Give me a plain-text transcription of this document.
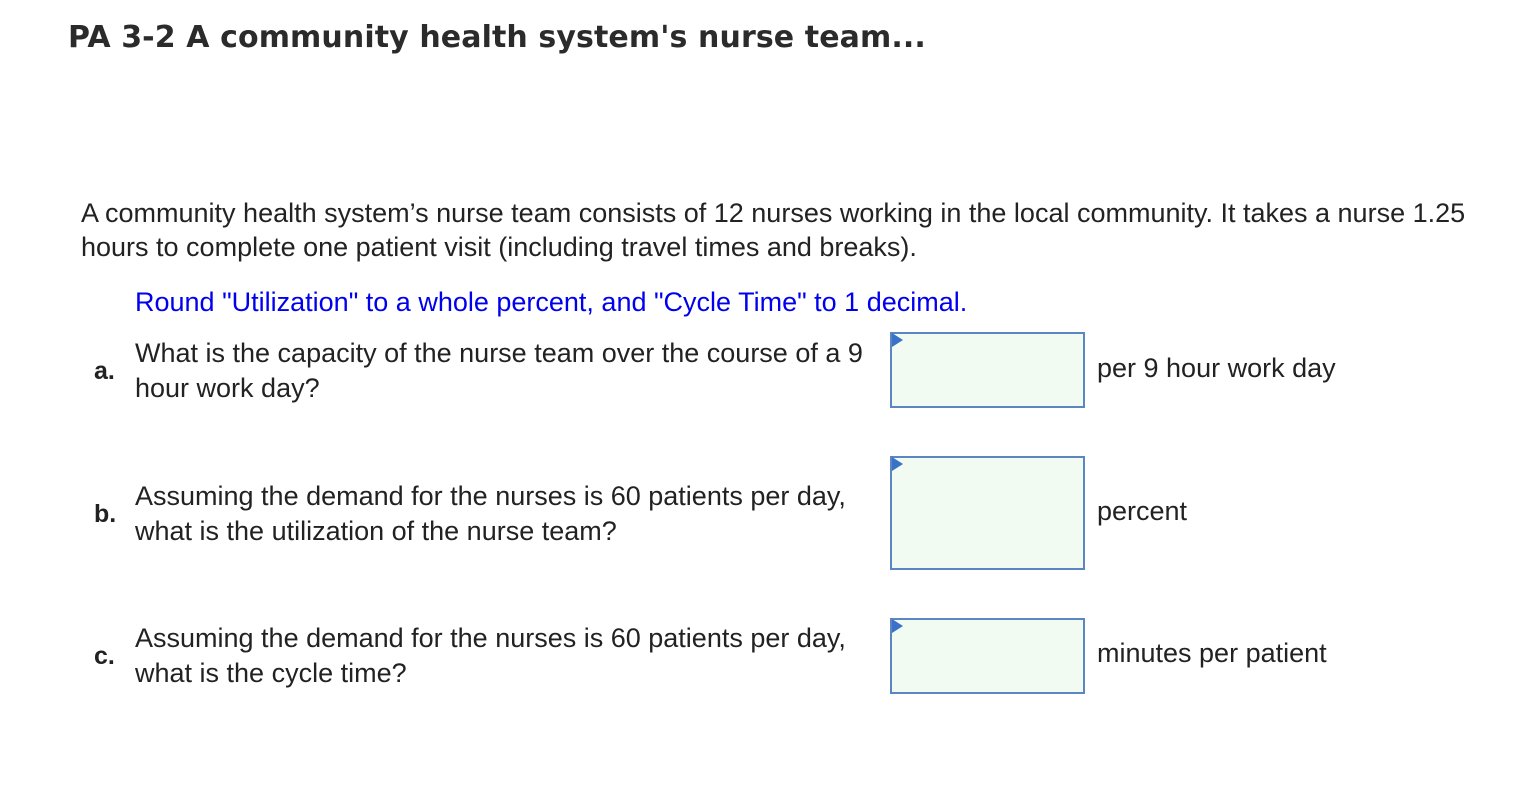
PA 3-2 A community health system's nurse team...
A community health system’s nurse team consists of 12 nurses working in the local community. It takes a nurse 1.25 hours to complete one patient visit (including travel times and breaks).
Round "Utilization" to a whole percent, and "Cycle Time" to 1 decimal.
a.
What is the capacity of the nurse team over the course of a 9 hour work day?
per 9 hour work day
b.
Assuming the demand for the nurses is 60 patients per day, what is the utilization of the nurse team?
percent
c.
Assuming the demand for the nurses is 60 patients per day, what is the cycle time?
minutes per patient
